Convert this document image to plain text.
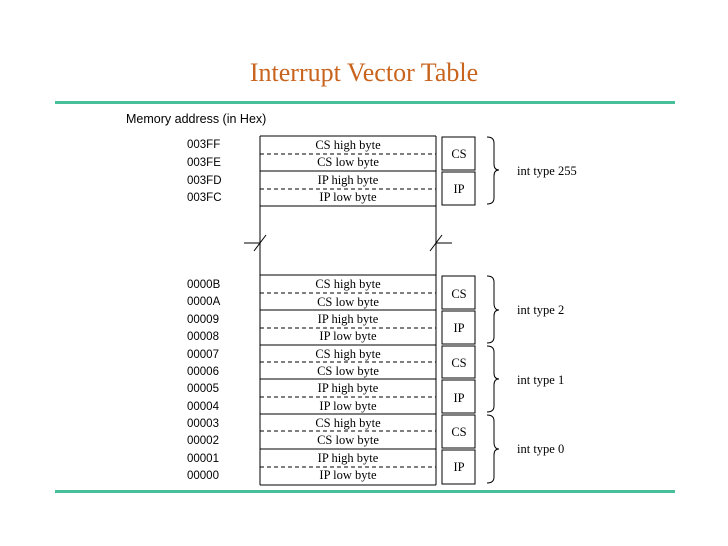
Interrupt Vector Table
Memory address (in Hex)
003FF
003FE
003FD
003FC
CS high byte
CS low byte
IP high byte
IP low byte
CS
IP
int type 255
0000B
0000A
00009
00008
00007
00006
00005
00004
00003
00002
00001
00000
CS high byte
CS low byte
IP high byte
IP low byte
CS high byte
CS low byte
IP high byte
IP low byte
CS high byte
CS low byte
IP high byte
IP low byte
CS
IP
CS
IP
CS
IP
int type 2
int type 1
int type 0
